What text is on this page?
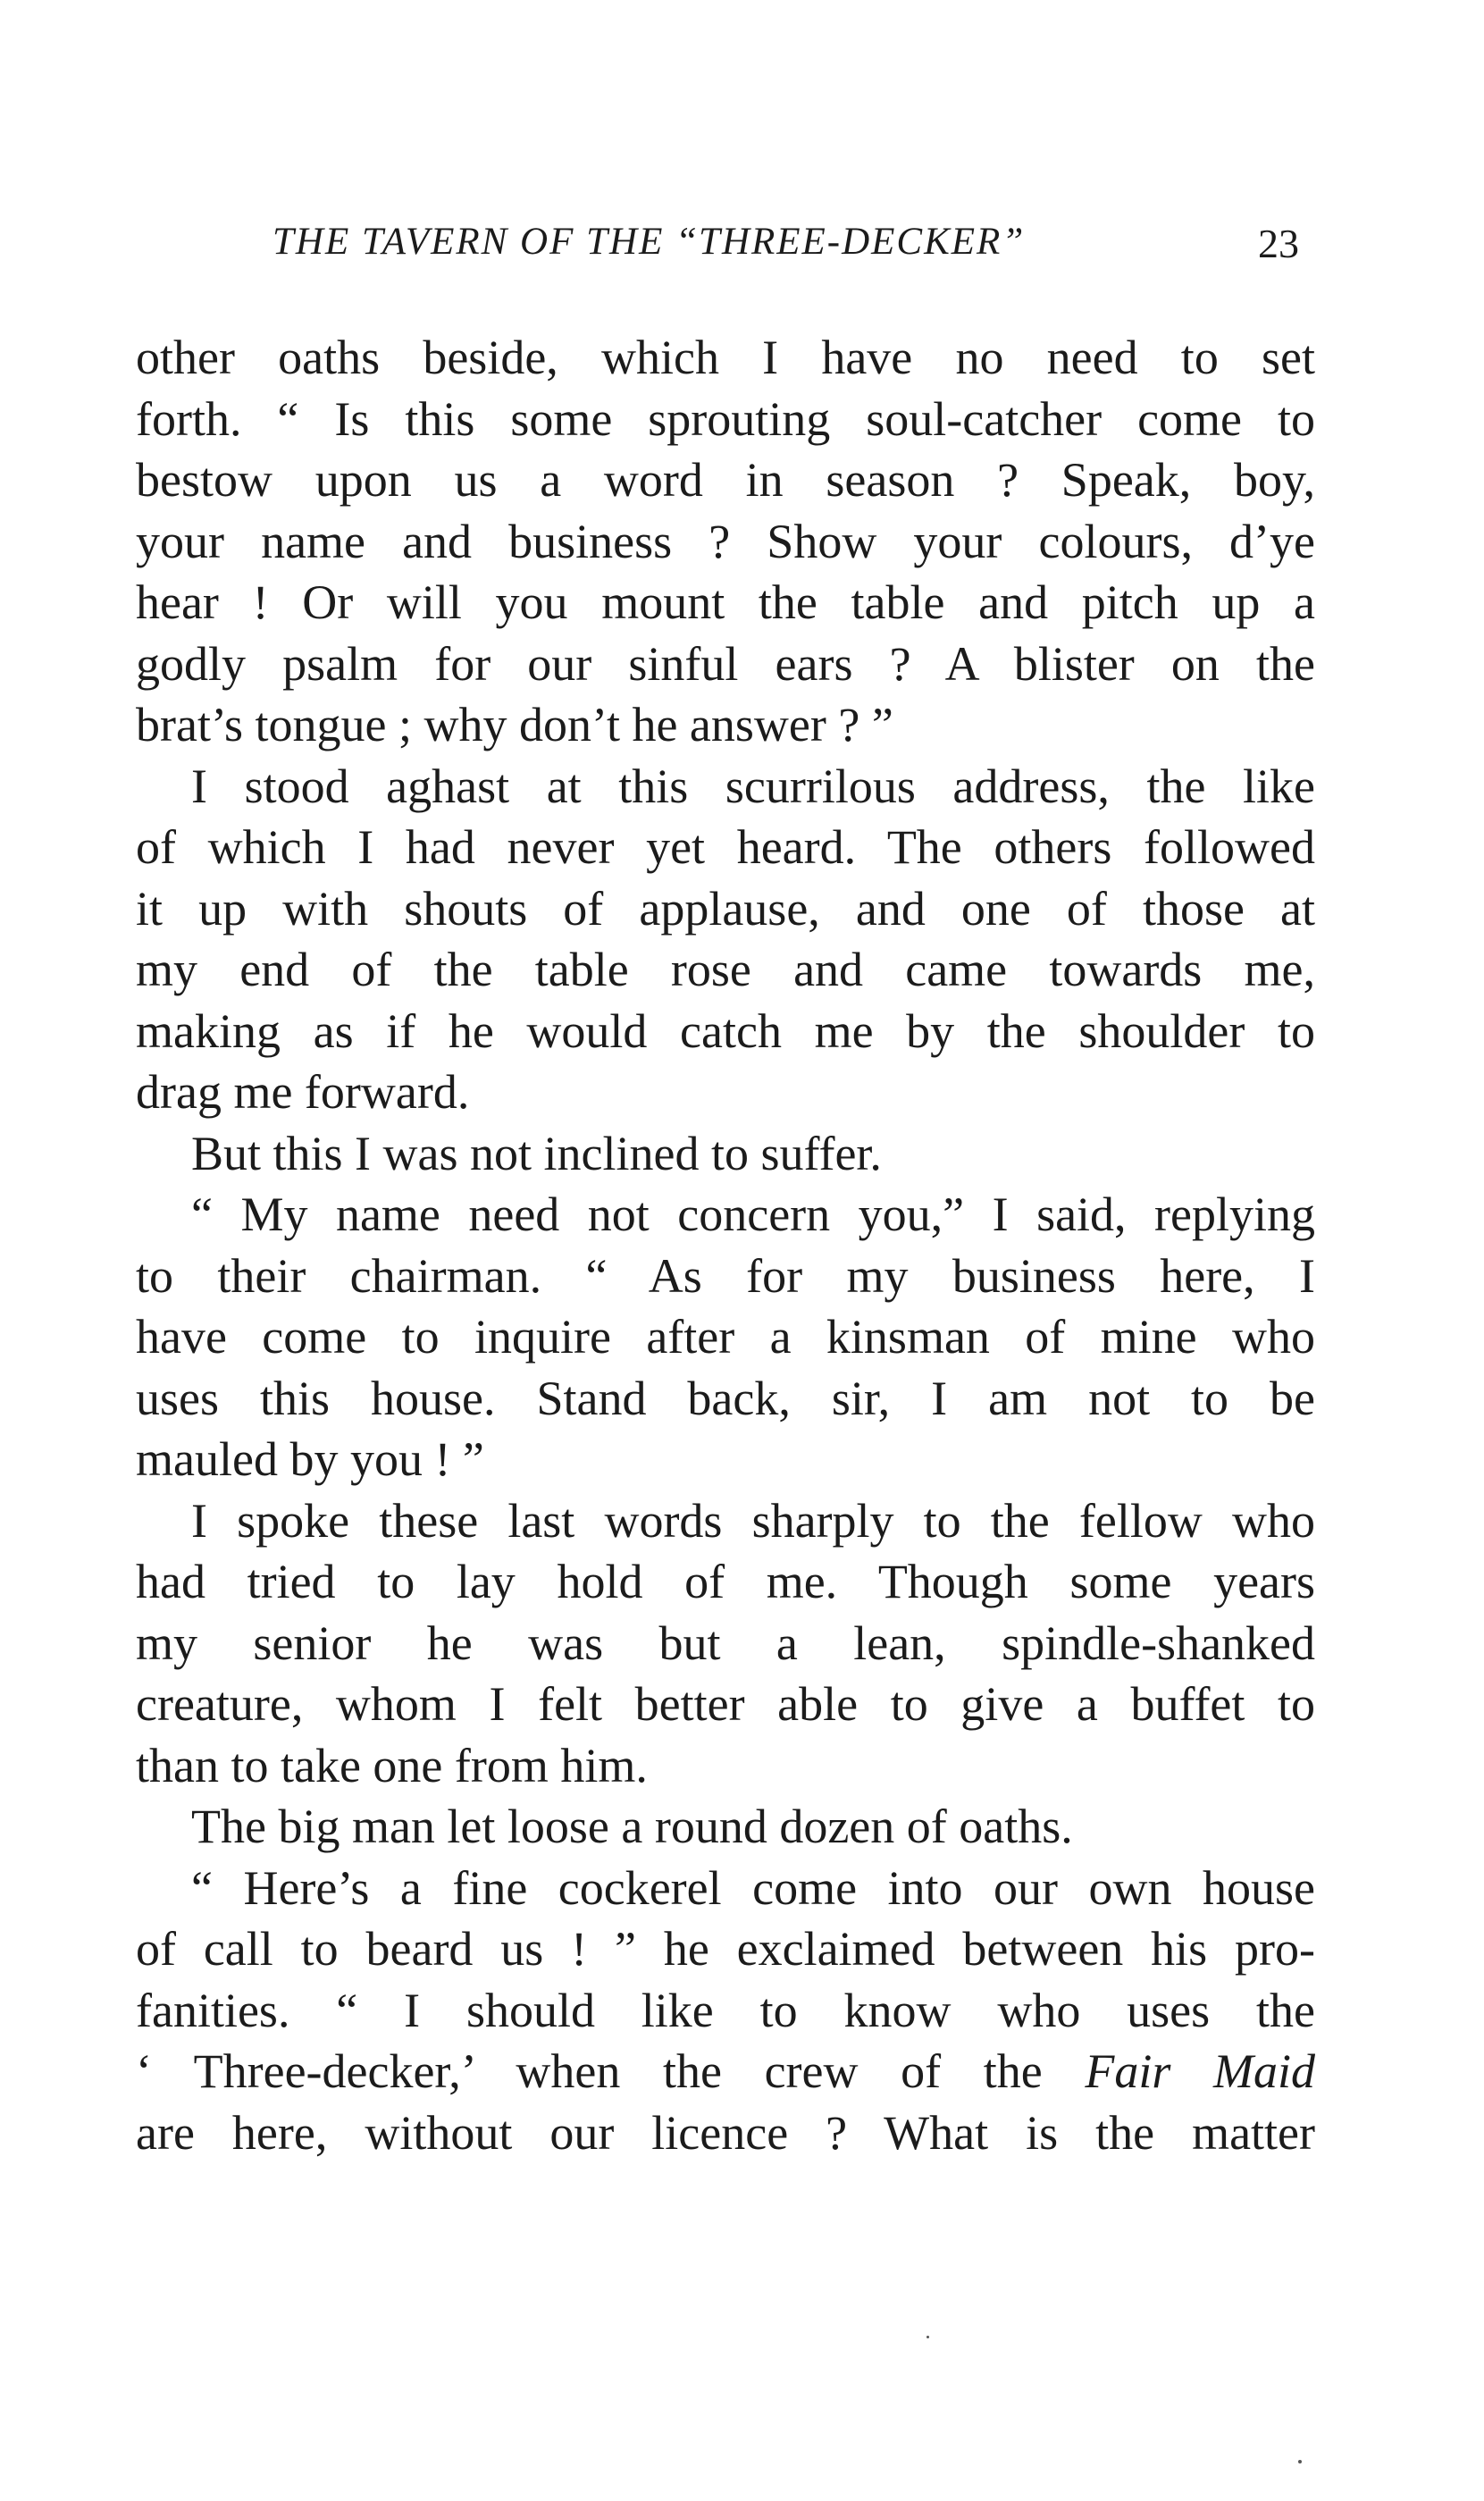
THE TAVERN OF THE “THREE-DECKER”	23
other oaths beside, which I have no need to set
forth. “ Is this some sprouting soul-catcher come to
bestow upon us a word in season ? Speak, boy,
your name and business ? Show your colours, d’ye
hear ! Or will you mount the table and pitch up a
godly psalm for our sinful ears ? A blister on the
brat’s tongue ; why don’t he answer ? ”
I stood aghast at this scurrilous address, the like
of which I had never yet heard. The others followed
it up with shouts of applause, and one of those at
my end of the table rose and came towards me,
making as if he would catch me by the shoulder to
drag me forward.
But this I was not inclined to suffer.
“ My name need not concern you,” I said, replying
to their chairman. “ As for my business here, I
have come to inquire after a kinsman of mine who
uses this house. Stand back, sir, I am not to be
mauled by you ! ”
I spoke these last words sharply to the fellow who
had tried to lay hold of me. Though some years
my senior he was but a lean, spindle-shanked
creature, whom I felt better able to give a buffet to
than to take one from him.
The big man let loose a round dozen of oaths.
“ Here’s a fine cockerel come into our own house
of call to beard us ! ” he exclaimed between his pro-
fanities. “ I should like to know who uses the
‘ Three-decker,’ when the crew of the Fair Maid
are here, without our licence ? What is the matter
